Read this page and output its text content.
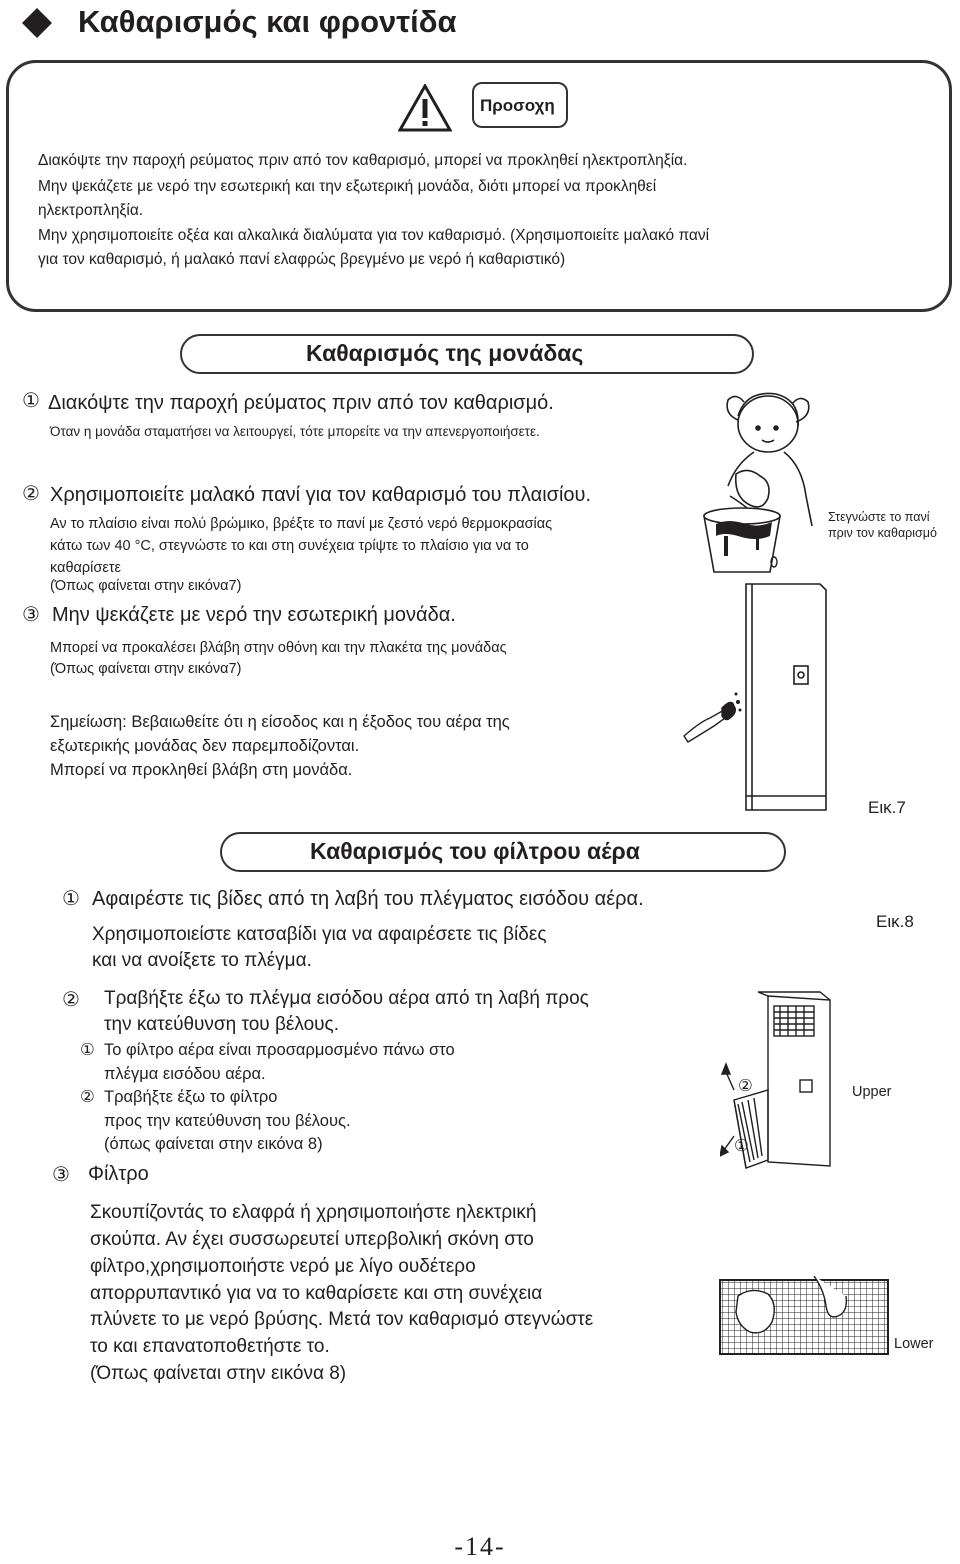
Καθαρισμός και φροντίδα
Προσοχη
Διακόψτε την παροχή ρεύματος πριν από τον καθαρισμό, μπορεί να προκληθεί ηλεκτροπληξία.
Μην ψεκάζετε με νερό την εσωτερική και την εξωτερική μονάδα, διότι μπορεί να προκληθεί
ηλεκτροπληξία.
Μην χρησιμοποιείτε οξέα και αλκαλικά διαλύματα για τον καθαρισμό. (Χρησιμοποιείτε μαλακό πανί
για τον καθαρισμό, ή μαλακό πανί ελαφρώς βρεγμένο με νερό ή καθαριστικό)
Καθαρισμός της μονάδας
① Διακόψτε την παροχή ρεύματος πριν από τον καθαρισμό.
Όταν η μονάδα σταματήσει να λειτουργεί, τότε μπορείτε να την απενεργοποιήσετε.
② Χρησιμοποιείτε μαλακό πανί για τον καθαρισμό του πλαισίου.
Αν το πλαίσιο είναι πολύ βρώμικο, βρέξτε το πανί με ζεστό νερό θερμοκρασίας
κάτω των 40 °C, στεγνώστε το και στη συνέχεια τρίψτε το πλαίσιο για να το
καθαρίσετε
(Όπως φαίνεται στην εικόνα7)
③ Μην ψεκάζετε με νερό την εσωτερική μονάδα.
Μπορεί να προκαλέσει βλάβη στην οθόνη και την πλακέτα της μονάδας
(Όπως φαίνεται στην εικόνα7)
Σημείωση: Βεβαιωθείτε ότι η είσοδος και η έξοδος του αέρα της
εξωτερικής μονάδας δεν παρεμποδίζονται.
Μπορεί να προκληθεί βλάβη στη μονάδα.
Στεγνώστε το πανί
πριν τον καθαρισμό
Εικ.7
Καθαρισμός του φίλτρου αέρα
① Αφαιρέστε τις βίδες από τη λαβή του πλέγματος εισόδου αέρα.
Χρησιμοποιείστε κατσαβίδι για να αφαιρέσετε τις βίδες
και να ανοίξετε το πλέγμα.
Εικ.8
② Τραβήξτε έξω το πλέγμα εισόδου αέρα από τη λαβή προς
την κατεύθυνση του βέλους.
① Το φίλτρο αέρα είναι προσαρμοσμένο πάνω στο
πλέγμα εισόδου αέρα.
② Τραβήξτε έξω το φίλτρο
προς την κατεύθυνση του βέλους.
(όπως φαίνεται στην εικόνα 8)
③ Φίλτρο
Σκουπίζοντάς το ελαφρά ή χρησιμοποιήστε ηλεκτρική
σκούπα. Αν έχει συσσωρευτεί υπερβολική σκόνη στο
φίλτρο,χρησιμοποιήστε νερό με λίγο ουδέτερο
απορρυπαντικό για να το καθαρίσετε και στη συνέχεια
πλύνετε το με νερό βρύσης. Μετά τον καθαρισμό στεγνώστε
το και επανατοποθετήστε το.
(Όπως φαίνεται στην εικόνα 8)
②
①
Upper
Lower
-14-
